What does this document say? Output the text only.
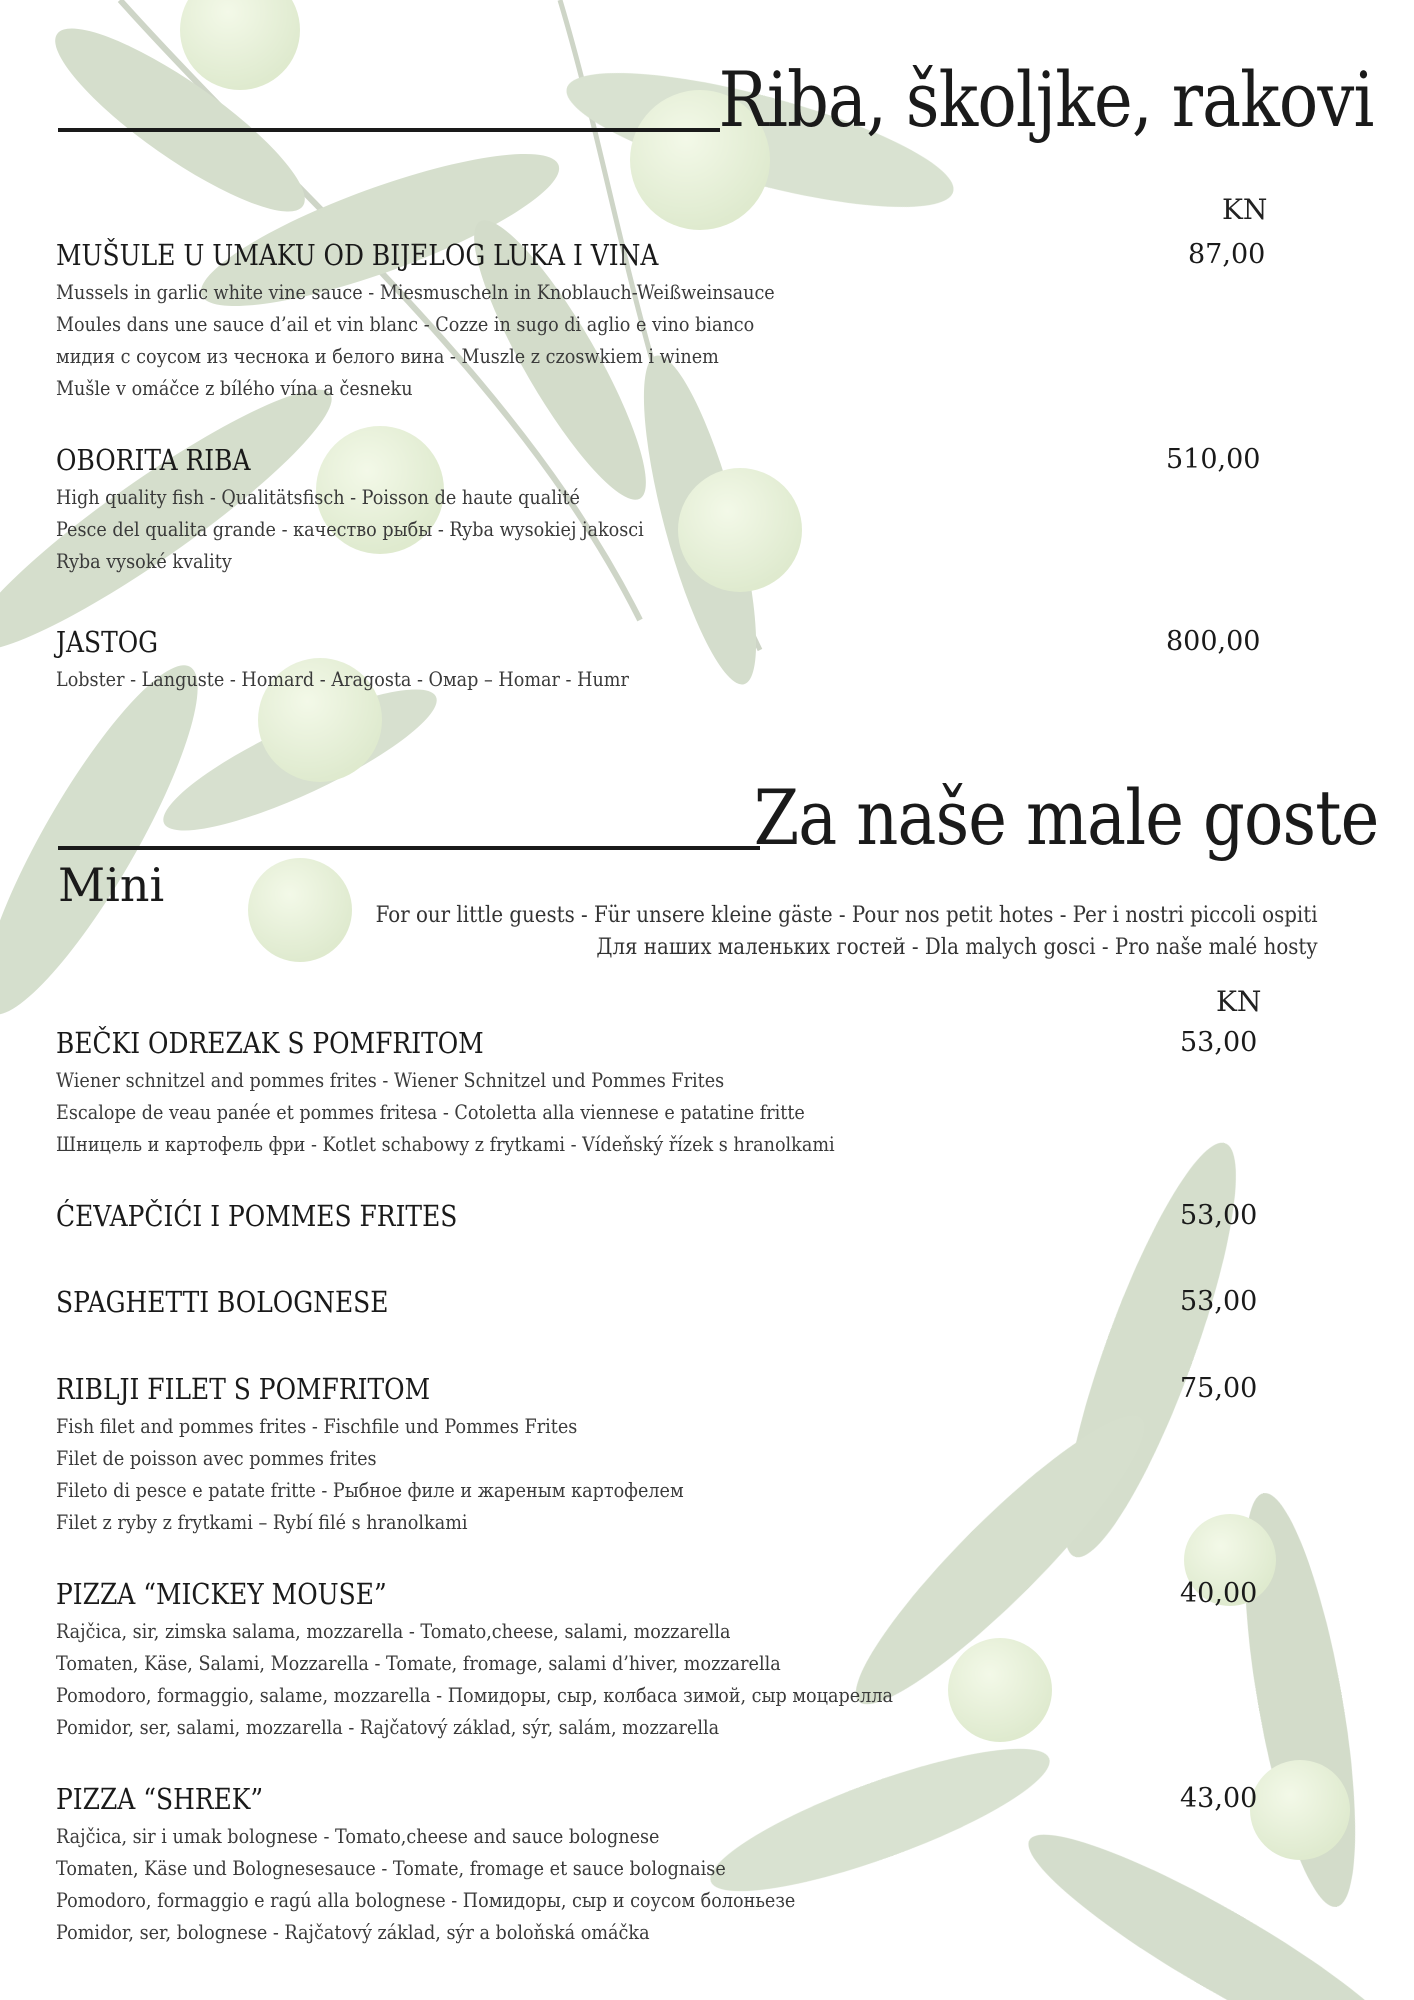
Riba, školjke, rakovi
KN
MUŠULE U UMAKU OD BIJELOG LUKA I VINA	87,00
Mussels in garlic white vine sauce - Miesmuscheln in Knoblauch-Weißweinsauce
Moules dans une sauce d’ail et vin blanc - Cozze in sugo di aglio e vino bianco
мидия с соусом из чеснока и белого вина - Muszle z czoswkiem i winem
Mušle v omáčce z bílého vína a česneku
OBORITA RIBA	510,00
High quality fish - Qualitätsfisch - Poisson de haute qualité
Pesce del qualita grande - качество рыбы - Ryba wysokiej jakosci
Ryba vysoké kvality
JASTOG	800,00
Lobster - Languste - Homard - Aragosta - Омар – Homar - Humr
Za naše male goste
Mini
For our little guests - Für unsere kleine gäste - Pour nos petit hotes - Per i nostri piccoli ospiti
Для наших маленьких гостей - Dla malych gosci - Pro naše malé hosty
KN
BEČKI ODREZAK S POMFRITOM	53,00
Wiener schnitzel and pommes frites - Wiener Schnitzel und Pommes Frites
Escalope de veau panée et pommes fritesa - Cotoletta alla viennese e patatine fritte
Шницель и картофель фри - Kotlet schabowy z frytkami - Vídeňský řízek s hranolkami
ĆEVAPČIĆI I POMMES FRITES	53,00
SPAGHETTI BOLOGNESE	53,00
RIBLJI FILET S POMFRITOM	75,00
Fish filet and pommes frites - Fischfile und Pommes Frites
Filet de poisson avec pommes frites
Fileto di pesce e patate fritte - Рыбное филе и жареным картофелем
Filet z ryby z frytkami – Rybí filé s hranolkami
PIZZA “MICKEY MOUSE”	40,00
Rajčica, sir, zimska salama, mozzarella - Tomato,cheese, salami, mozzarella
Tomaten, Käse, Salami, Mozzarella - Tomate, fromage, salami d’hiver, mozzarella
Pomodoro, formaggio, salame, mozzarella - Помидоры, сыр, колбаса зимой, сыр моцарелла
Pomidor, ser, salami, mozzarella - Rajčatový základ, sýr, salám, mozzarella
PIZZA “SHREK”	43,00
Rajčica, sir i umak bolognese - Tomato,cheese and sauce bolognese
Tomaten, Käse und Bolognesesauce - Tomate, fromage et sauce bolognaise
Pomodoro, formaggio e ragú alla bolognese - Помидоры, сыр и соусом болоньезе
Pomidor, ser, bolognese - Rajčatový základ, sýr a boloňská omáčka
